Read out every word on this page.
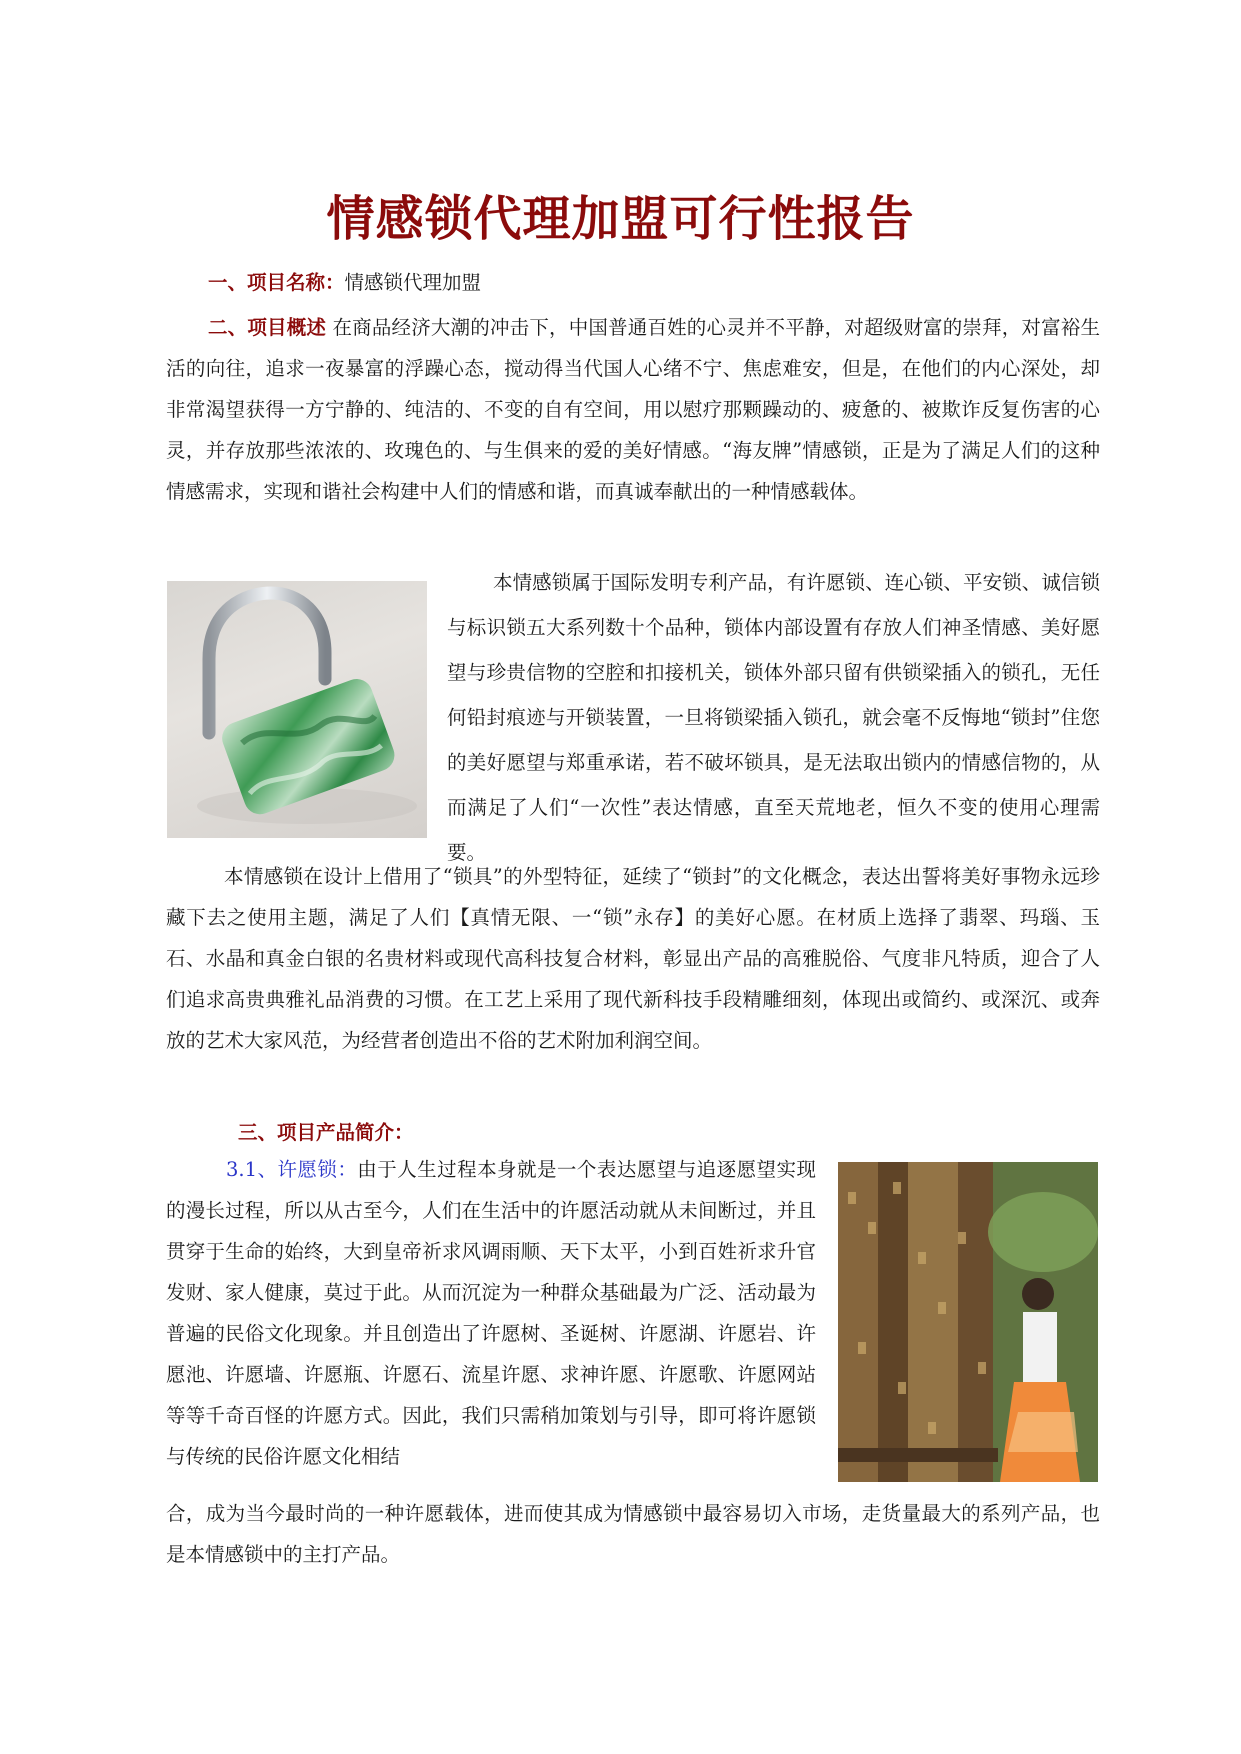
情感锁代理加盟可行性报告

一、项目名称：情感锁代理加盟

二、项目概述 在商品经济大潮的冲击下，中国普通百姓的心灵并不平静，对超级财富的崇拜，对富裕生活的向往，追求一夜暴富的浮躁心态，搅动得当代国人心绪不宁、焦虑难安，但是，在他们的内心深处，却非常渴望获得一方宁静的、纯洁的、不变的自有空间，用以慰疗那颗躁动的、疲惫的、被欺诈反复伤害的心灵，并存放那些浓浓的、玫瑰色的、与生俱来的爱的美好情感。“海友牌”情感锁，正是为了满足人们的这种情感需求，实现和谐社会构建中人们的情感和谐，而真诚奉献出的一种情感载体。

本情感锁属于国际发明专利产品，有许愿锁、连心锁、平安锁、诚信锁与标识锁五大系列数十个品种，锁体内部设置有存放人们神圣情感、美好愿望与珍贵信物的空腔和扣接机关，锁体外部只留有供锁梁插入的锁孔，无任何铅封痕迹与开锁装置，一旦将锁梁插入锁孔，就会毫不反悔地“锁封”住您的美好愿望与郑重承诺，若不破坏锁具，是无法取出锁内的情感信物的，从而满足了人们“一次性”表达情感，直至天荒地老，恒久不变的使用心理需要。

本情感锁在设计上借用了“锁具”的外型特征，延续了“锁封”的文化概念，表达出誓将美好事物永远珍藏下去之使用主题，满足了人们【真情无限、一“锁”永存】的美好心愿。在材质上选择了翡翠、玛瑙、玉石、水晶和真金白银的名贵材料或现代高科技复合材料，彰显出产品的高雅脱俗、气度非凡特质，迎合了人们追求高贵典雅礼品消费的习惯。在工艺上采用了现代新科技手段精雕细刻，体现出或简约、或深沉、或奔放的艺术大家风范，为经营者创造出不俗的艺术附加利润空间。

三、项目产品简介：

3.1、许愿锁：由于人生过程本身就是一个表达愿望与追逐愿望实现的漫长过程，所以从古至今，人们在生活中的许愿活动就从未间断过，并且贯穿于生命的始终，大到皇帝祈求风调雨顺、天下太平，小到百姓祈求升官发财、家人健康，莫过于此。从而沉淀为一种群众基础最为广泛、活动最为普遍的民俗文化现象。并且创造出了许愿树、圣诞树、许愿湖、许愿岩、许愿池、许愿墙、许愿瓶、许愿石、流星许愿、求神许愿、许愿歌、许愿网站等等千奇百怪的许愿方式。因此，我们只需稍加策划与引导，即可将许愿锁与传统的民俗许愿文化相结

合，成为当今最时尚的一种许愿载体，进而使其成为情感锁中最容易切入市场，走货量最大的系列产品，也是本情感锁中的主打产品。
